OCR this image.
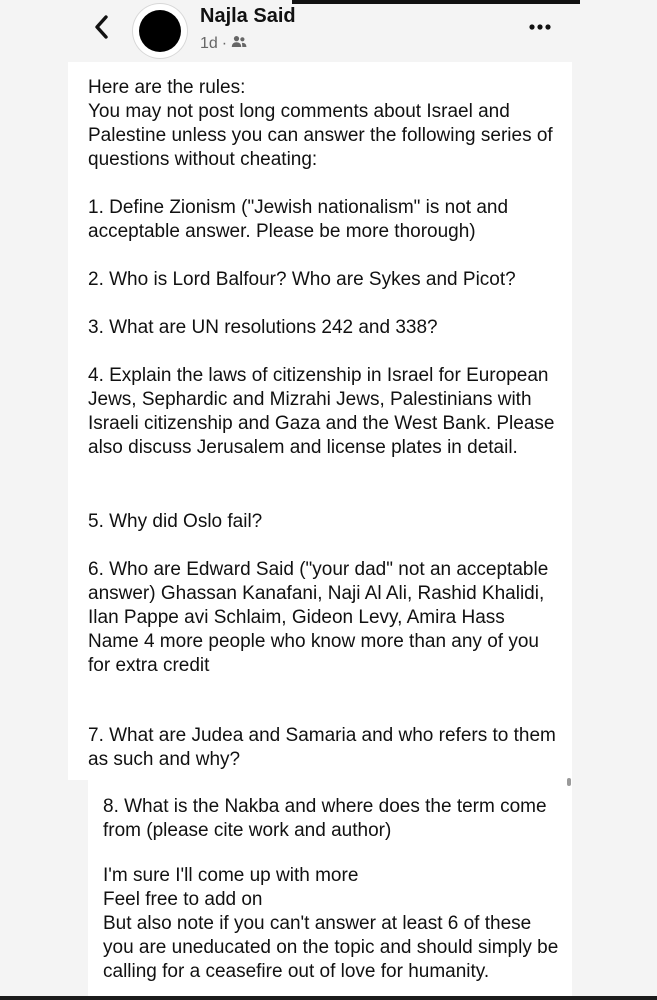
Najla Said
1d ·

Here are the rules:
You may not post long comments about Israel and Palestine unless you can answer the following series of questions without cheating:

1. Define Zionism ("Jewish nationalism" is not and acceptable answer. Please be more thorough)

2. Who is Lord Balfour? Who are Sykes and Picot?

3. What are UN resolutions 242 and 338?

4. Explain the laws of citizenship in Israel for European Jews, Sephardic and Mizrahi Jews, Palestinians with Israeli citizenship and Gaza and the West Bank. Please also discuss Jerusalem and license plates in detail.

5. Why did Oslo fail?

6. Who are Edward Said ("your dad" not an acceptable answer) Ghassan Kanafani, Naji Al Ali, Rashid Khalidi, Ilan Pappe avi Schlaim, Gideon Levy, Amira Hass
Name 4 more people who know more than any of you for extra credit

7. What are Judea and Samaria and who refers to them as such and why?

8. What is the Nakba and where does the term come from (please cite work and author)

I'm sure I'll come up with more
Feel free to add on
But also note if you can't answer at least 6 of these you are uneducated on the topic and should simply be calling for a ceasefire out of love for humanity.
